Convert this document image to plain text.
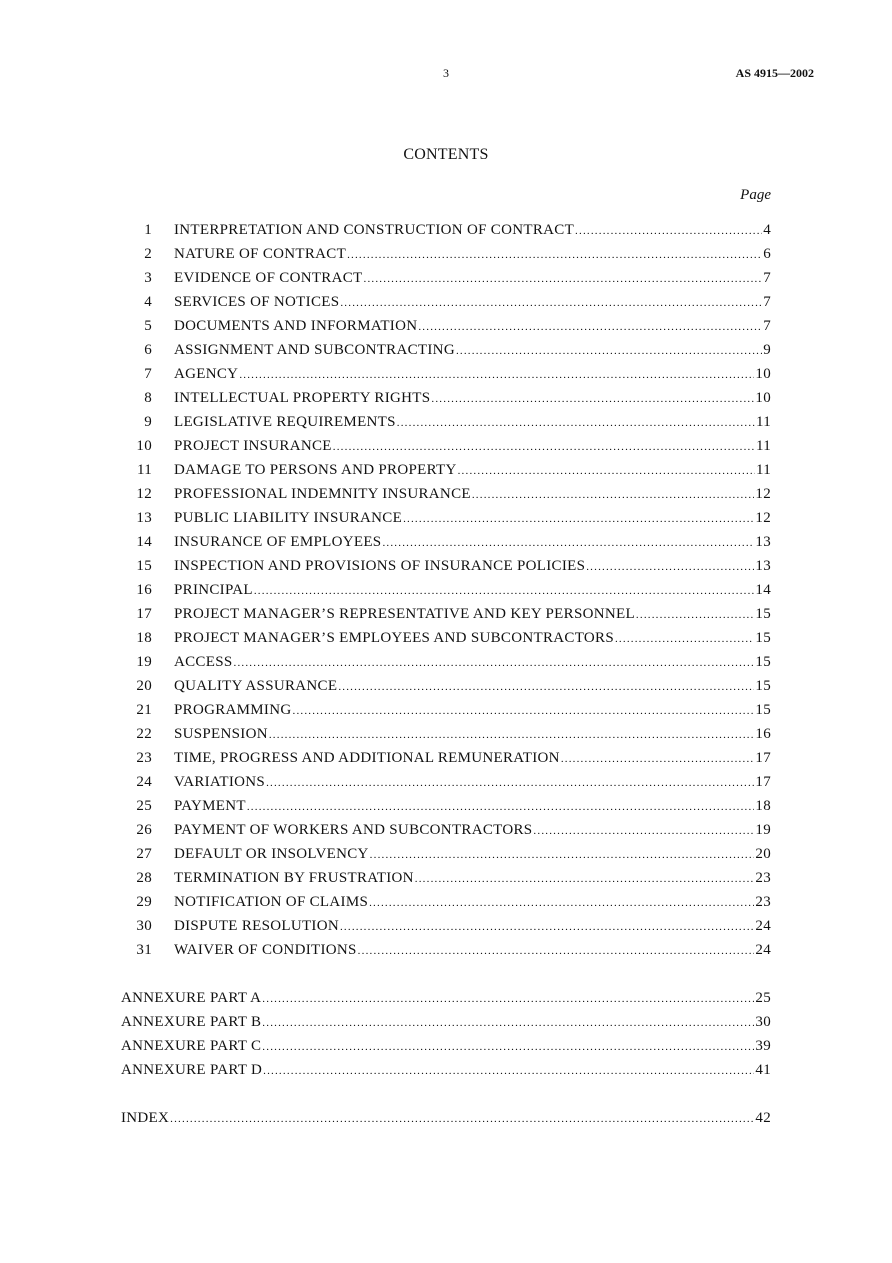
3	AS 4915—2002
CONTENTS
Page
1 INTERPRETATION AND CONSTRUCTION OF CONTRACT .....	4
2 NATURE OF CONTRACT .....	6
3 EVIDENCE OF CONTRACT .....	7
4 SERVICES OF NOTICES .....	7
5 DOCUMENTS AND INFORMATION .....	7
6 ASSIGNMENT AND SUBCONTRACTING .....	9
7 AGENCY .....	10
8 INTELLECTUAL PROPERTY RIGHTS .....	10
9 LEGISLATIVE REQUIREMENTS .....	11
10 PROJECT INSURANCE .....	11
11 DAMAGE TO PERSONS AND PROPERTY .....	11
12 PROFESSIONAL INDEMNITY INSURANCE .....	12
13 PUBLIC LIABILITY INSURANCE .....	12
14 INSURANCE OF EMPLOYEES .....	13
15 INSPECTION AND PROVISIONS OF INSURANCE POLICIES .....	13
16 PRINCIPAL .....	14
17 PROJECT MANAGER’S REPRESENTATIVE AND KEY PERSONNEL .....	15
18 PROJECT MANAGER’S EMPLOYEES AND SUBCONTRACTORS .....	15
19 ACCESS .....	15
20 QUALITY ASSURANCE .....	15
21 PROGRAMMING .....	15
22 SUSPENSION .....	16
23 TIME, PROGRESS AND ADDITIONAL REMUNERATION .....	17
24 VARIATIONS .....	17
25 PAYMENT .....	18
26 PAYMENT OF WORKERS AND SUBCONTRACTORS .....	19
27 DEFAULT OR INSOLVENCY .....	20
28 TERMINATION BY FRUSTRATION .....	23
29 NOTIFICATION OF CLAIMS .....	23
30 DISPUTE RESOLUTION .....	24
31 WAIVER OF CONDITIONS .....	24
ANNEXURE PART A .....	25
ANNEXURE PART B .....	30
ANNEXURE PART C .....	39
ANNEXURE PART D .....	41
INDEX .....	42
